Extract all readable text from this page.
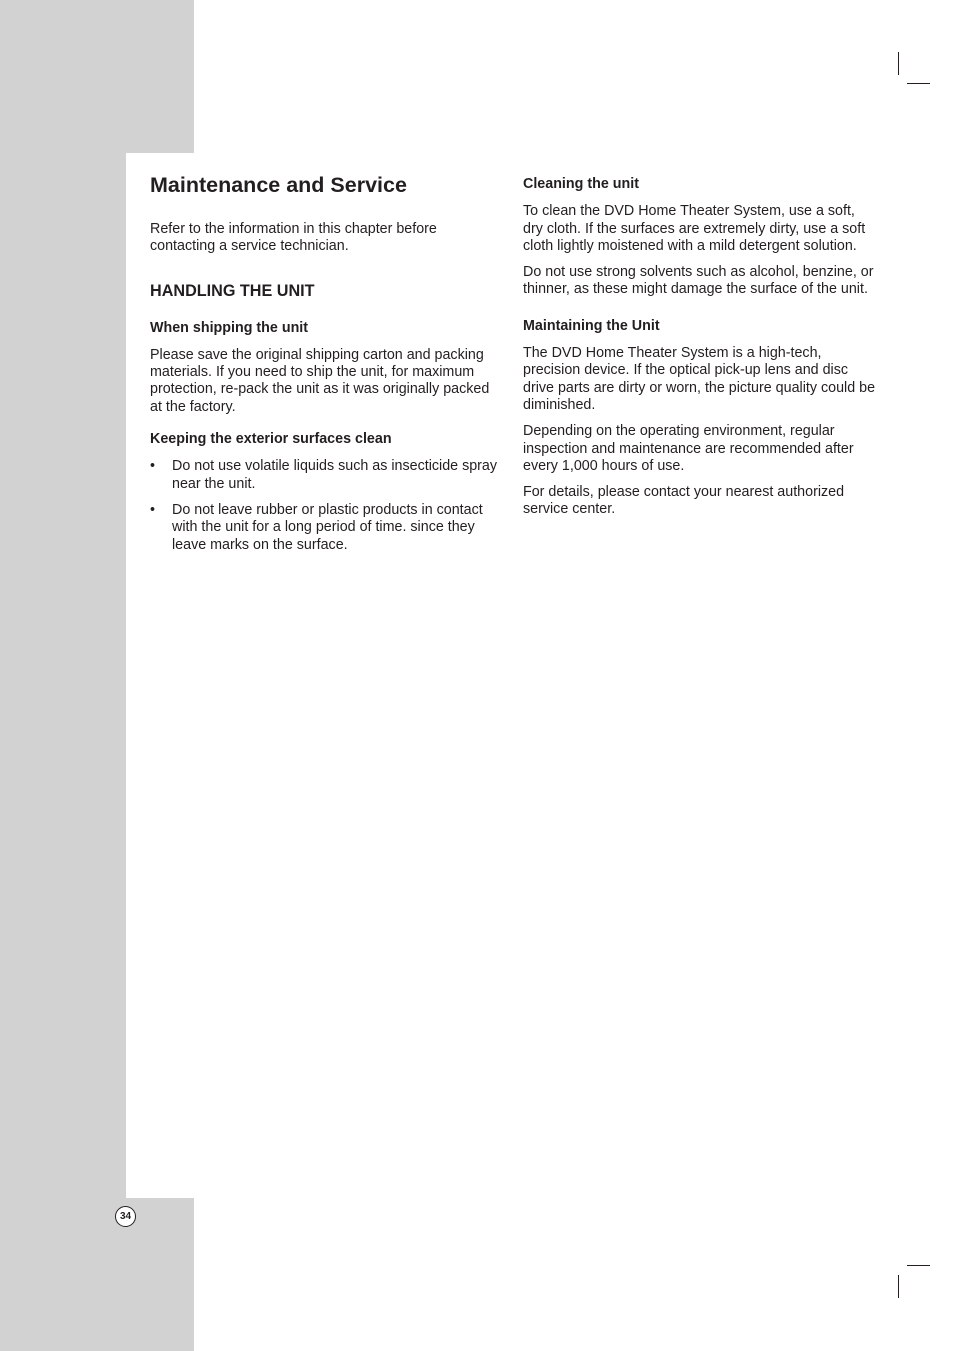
Maintenance and Service

Refer to the information in this chapter before contacting a service technician.

HANDLING THE UNIT
When shipping the unit

Please save the original shipping carton and packing materials. If you need to ship the unit, for maximum protection, re-pack the unit as it was originally packed at the factory.

Keeping the exterior surfaces clean
• Do not use volatile liquids such as insecticide spray near the unit.
• Do not leave rubber or plastic products in contact with the unit for a long period of time. since they leave marks on the surface.
Cleaning the unit

To clean the DVD Home Theater System, use a soft, dry cloth. If the surfaces are extremely dirty, use a soft cloth lightly moistened with a mild detergent solution.

Do not use strong solvents such as alcohol, benzine, or thinner, as these might damage the surface of the unit.

Maintaining the Unit

The DVD Home Theater System is a high-tech, precision device. If the optical pick-up lens and disc drive parts are dirty or worn, the picture quality could be diminished.

Depending on the operating environment, regular inspection and maintenance are recommended after every 1,000 hours of use.

For details, please contact your nearest authorized service center.

34
